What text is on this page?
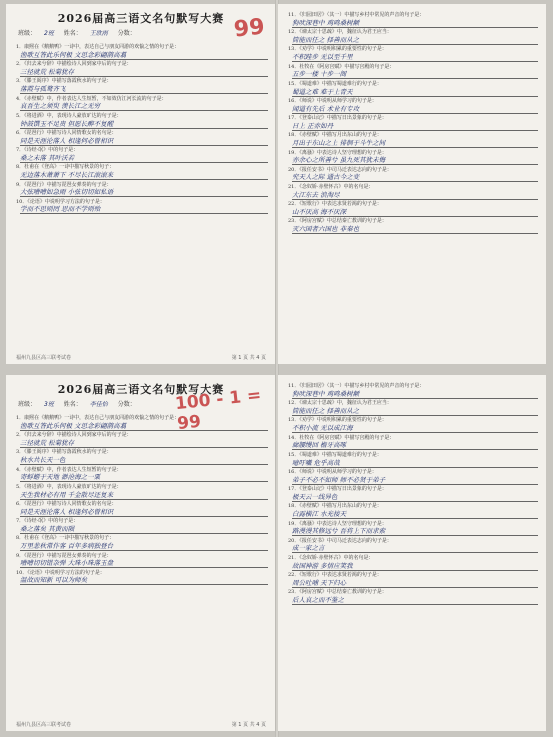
2026届高三语文名句默写大赛
班级： 2班 姓名： 王欣雨 分数：	99

1．康熙在《鹅鹅鸭》一诗中，表达自己与朋友同游的欢愉之情的句子是：

渔歌互答此乐何极 文思念彩翩鹊高翥

2．《归去来兮辞》中描绘诗人回到家中后的句子是：

三径就荒 松菊犹存

3．《滕王阁序》中描写落霞秋水的句子是：

落霞与孤鹜齐飞

4．《赤壁赋》中，作者表达人生短暂，不如效仿江河长流的句子是：

哀吾生之须臾 羡长江之无穷

5．《将进酒》中，表现诗人豪放旷达的句子是：

钟鼓馔玉不足贵 但愿长醉不复醒

6．《琵琶行》中描写诗人同情歌女的名句是：

同是天涯沦落人 相逢何必曾相识

7．《诗经·氓》中的句子是：

桑之未落 其叶沃若

8．杜甫在《登高》一诗中描写秋景的句子：

无边落木萧萧下 不尽长江滚滚来

9．《琵琶行》中描写琵琶女弹奏的句子是：

大弦嘈嘈如急雨 小弦切切如私语

10．《论语》中说明学习方法的句子是：

学而不思则罔 思而不学则殆
福州九县区高三联考试卷	第 1 页 共 4 页

11．《归园田居》（其一）中描写乡村中常见的声音的句子是：

狗吠深巷中 鸡鸣桑树颠

12．《谏太宗十思疏》中，魏征认为君王应当：

简能而任之 择善而从之

13．《劝学》中说明积累的重要性的句子是：

不积跬步 无以至千里

14．杜牧在《阿房宫赋》中描写宫殿的句子是：

五步一楼 十步一阁

15．《蜀道难》中描写蜀道难行的句子是：

蜀道之难 难于上青天

16．《师说》中说明从师学习的句子是：

闻道有先后 术业有专攻

17．《登泰山记》中描写日出景象的句子是：

日上 正赤如丹

18．《赤壁赋》中描写月出东山的句子是：

月出于东山之上 徘徊于斗牛之间

19．《离骚》中表达诗人坚守理想的句子是：

亦余心之所善兮 虽九死其犹未悔

20．《报任安书》中司马迁表达志向的句子是：

究天人之际 通古今之变

21．《念奴娇·赤壁怀古》中的名句是：

大江东去 浪淘尽

22．《短歌行》中表达求贤若渴的句子是：

山不厌高 海不厌深

23．《阿房宫赋》中总结秦亡教训的句子是：

灭六国者六国也 非秦也
2026届高三语文名句默写大赛
班级： 3班 姓名： 李佳怡 分数：	100 - 1 = 99

1．康熙在《鹅鹅鸭》一诗中，表达自己与朋友同游的欢愉之情的句子是：

渔歌互答此乐何极 文思念彩翩鹊高翥

2．《归去来兮辞》中描绘诗人回到家中后的句子是：

三径就荒 松菊犹存

3．《滕王阁序》中描写落霞秋水的句子是：

秋水共长天一色

4．《赤壁赋》中，作者表达人生短暂的句子是：

寄蜉蝣于天地 渺沧海之一粟

5．《将进酒》中，表现诗人豪放旷达的句子是：

天生我材必有用 千金散尽还复来

6．《琵琶行》中描写诗人同情歌女的名句是：

同是天涯沦落人 相逢何必曾相识

7．《诗经·氓》中的句子是：

桑之落矣 其黄而陨

8．杜甫在《登高》一诗中描写秋景的句子：

万里悲秋常作客 百年多病独登台

9．《琵琶行》中描写琵琶女弹奏的句子是：

嘈嘈切切错杂弹 大珠小珠落玉盘

10．《论语》中说明学习方法的句子是：

温故而知新 可以为师矣
福州九县区高三联考试卷	第 1 页 共 4 页

11．《归园田居》（其一）中描写乡村中常见的声音的句子是：

狗吠深巷中 鸡鸣桑树颠

12．《谏太宗十思疏》中，魏征认为君王应当：

简能而任之 择善而从之

13．《劝学》中说明积累的重要性的句子是：

不积小流 无以成江海

14．杜牧在《阿房宫赋》中描写宫殿的句子是：

廊腰缦回 檐牙高啄

15．《蜀道难》中描写蜀道难行的句子是：

噫吁嚱 危乎高哉

16．《师说》中说明从师学习的句子是：

弟子不必不如师 师不必贤于弟子

17．《登泰山记》中描写日出景象的句子是：

极天云一线异色

18．《赤壁赋》中描写月出东山的句子是：

白露横江 水光接天

19．《离骚》中表达诗人坚守理想的句子是：

路漫漫其修远兮 吾将上下而求索

20．《报任安书》中司马迁表达志向的句子是：

成一家之言

21．《念奴娇·赤壁怀古》中的名句是：

故国神游 多情应笑我

22．《短歌行》中表达求贤若渴的句子是：

周公吐哺 天下归心

23．《阿房宫赋》中总结秦亡教训的句子是：

后人哀之而不鉴之
